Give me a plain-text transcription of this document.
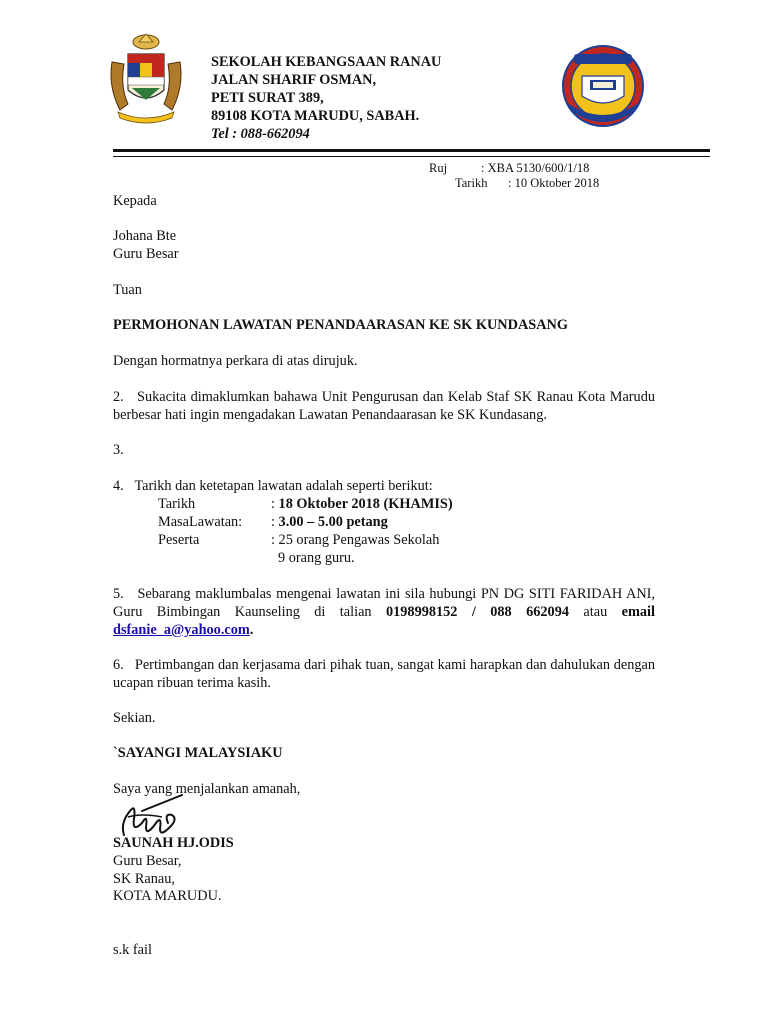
SEKOLAH KEBANGSAAN RANAU
JALAN SHARIF OSMAN,
PETI SURAT 389,
89108 KOTA MARUDU, SABAH.
Tel : 088-662094
Ruj	: XBA 5130/600/1/18
Tarikh : 10 Oktober 2018
Kepada
Johana Bte
Guru Besar
Tuan
PERMOHONAN LAWATAN PENANDAARASAN KE SK KUNDASANG
Dengan hormatnya perkara di atas dirujuk.
2.   Sukacita dimaklumkan bahawa Unit Pengurusan dan Kelab Staf SK Ranau Kota Marudu berbesar hati ingin mengadakan Lawatan Penandaarasan ke SK Kundasang.
3.
4.   Tarikh dan ketetapan lawatan adalah seperti berikut:
Tarikh	: 18 Oktober 2018 (KHAMIS)
MasaLawatan: : 3.00 – 5.00 petang
Peserta	: 25 orang Pengawas Sekolah
9 orang guru.
5.   Sebarang maklumbalas mengenai lawatan ini sila hubungi PN DG SITI FARIDAH ANI, Guru Bimbingan Kaunseling di talian 0198998152 / 088 662094 atau email dsfanie_a@yahoo.com.
6.   Pertimbangan dan kerjasama dari pihak tuan, sangat kami harapkan dan dahulukan dengan ucapan ribuan terima kasih.
Sekian.
`SAYANGI MALAYSIAKU
Saya yang menjalankan amanah,
SAUNAH HJ.ODIS
Guru Besar,
SK Ranau,
KOTA MARUDU.
s.k fail
